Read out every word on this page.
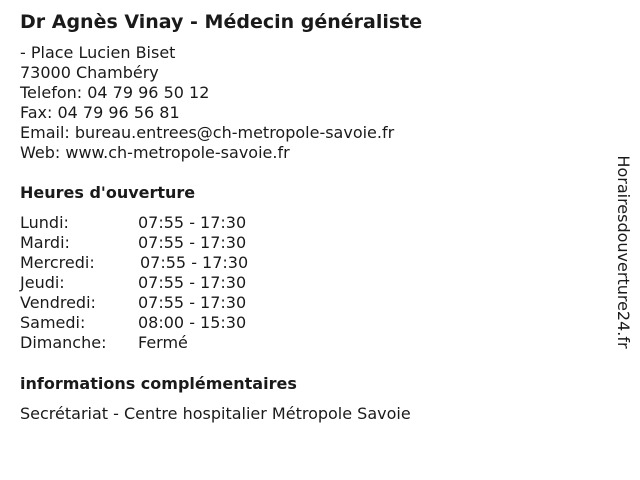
Dr Agnès Vinay - Médecin généraliste
- Place Lucien Biset
73000 Chambéry
Telefon: 04 79 96 50 12
Fax: 04 79 96 56 81
Email: bureau.entrees@ch-metropole-savoie.fr
Web: www.ch-metropole-savoie.fr
Heures d'ouverture
Lundi:	07:55 - 17:30
Mardi:	07:55 - 17:30
Mercredi:	07:55 - 17:30
Jeudi:	07:55 - 17:30
Vendredi:	07:55 - 17:30
Samedi:	08:00 - 15:30
Dimanche: Fermé
informations complémentaires
Secrétariat - Centre hospitalier Métropole Savoie
Horairesdouverture24.fr
